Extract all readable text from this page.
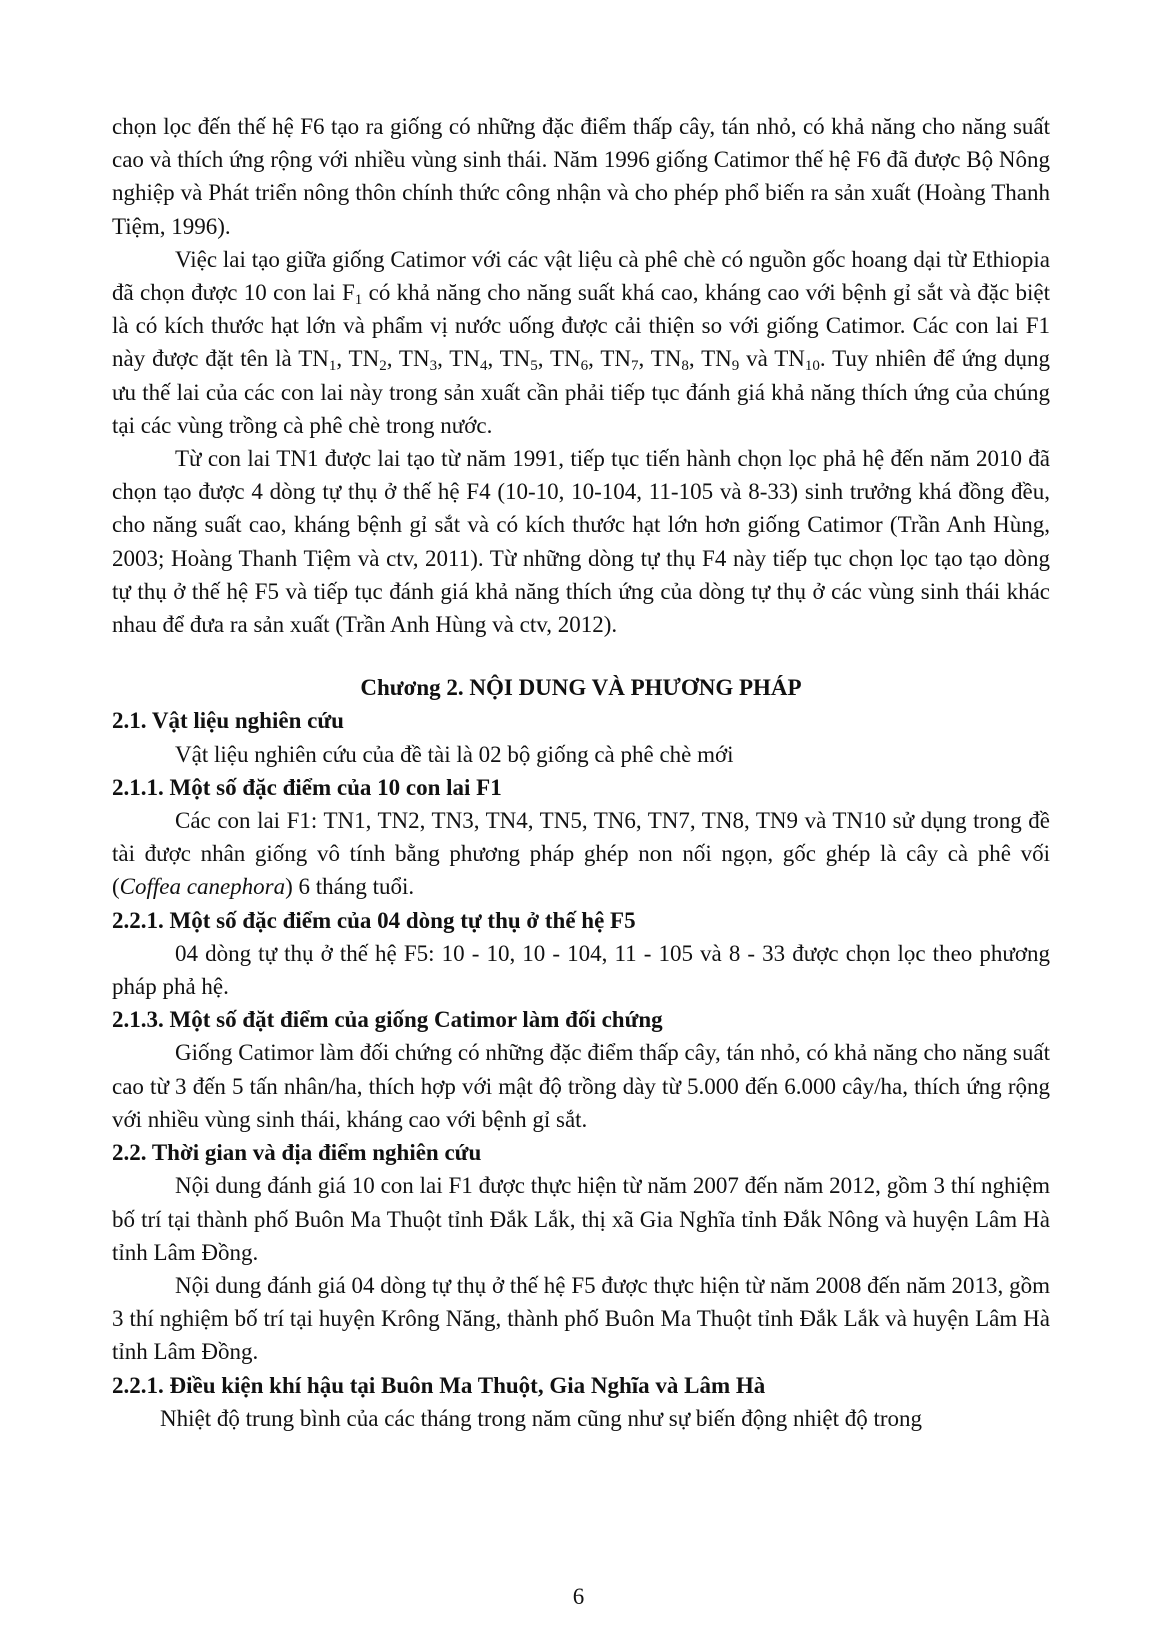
chọn lọc đến thế hệ F6 tạo ra giống có những đặc điểm thấp cây, tán nhỏ, có khả năng cho năng suất cao và thích ứng rộng với nhiều vùng sinh thái. Năm 1996 giống Catimor thế hệ F6 đã được Bộ Nông nghiệp và Phát triển nông thôn chính thức công nhận và cho phép phổ biến ra sản xuất (Hoàng Thanh Tiệm, 1996).

Việc lai tạo giữa giống Catimor với các vật liệu cà phê chè có nguồn gốc hoang dại từ Ethiopia đã chọn được 10 con lai $F_1$ có khả năng cho năng suất khá cao, kháng cao với bệnh gỉ sắt và đặc biệt là có kích thước hạt lớn và phẩm vị nước uống được cải thiện so với giống Catimor. Các con lai F1 này được đặt tên là $TN_1$, $TN_2$, $TN_3$, $TN_4$, $TN_5$, $TN_6$, $TN_7$, $TN_8$, $TN_9$ và $TN_{10}$. Tuy nhiên để ứng dụng ưu thế lai của các con lai này trong sản xuất cần phải tiếp tục đánh giá khả năng thích ứng của chúng tại các vùng trồng cà phê chè trong nước.

Từ con lai TN1 được lai tạo từ năm 1991, tiếp tục tiến hành chọn lọc phả hệ đến năm 2010 đã chọn tạo được 4 dòng tự thụ ở thế hệ F4 (10-10, 10-104, 11-105 và 8-33) sinh trưởng khá đồng đều, cho năng suất cao, kháng bệnh gỉ sắt và có kích thước hạt lớn hơn giống Catimor (Trần Anh Hùng, 2003; Hoàng Thanh Tiệm và ctv, 2011). Từ những dòng tự thụ F4 này tiếp tục chọn lọc tạo tạo dòng tự thụ ở thế hệ F5 và tiếp tục đánh giá khả năng thích ứng của dòng tự thụ ở các vùng sinh thái khác nhau để đưa ra sản xuất (Trần Anh Hùng và ctv, 2012).

Chương 2. NỘI DUNG VÀ PHƯƠNG PHÁP

2.1. Vật liệu nghiên cứu

Vật liệu nghiên cứu của đề tài là 02 bộ giống cà phê chè mới

2.1.1. Một số đặc điểm của 10 con lai F1

Các con lai F1: TN1, TN2, TN3, TN4, TN5, TN6, TN7, TN8, TN9 và TN10 sử dụng trong đề tài được nhân giống vô tính bằng phương pháp ghép non nối ngọn, gốc ghép là cây cà phê vối (Coffea canephora) 6 tháng tuổi.

2.2.1. Một số đặc điểm của 04 dòng tự thụ ở thế hệ F5

04 dòng tự thụ ở thế hệ F5: 10 - 10, 10 - 104, 11 - 105 và 8 - 33 được chọn lọc theo phương pháp phả hệ.

2.1.3. Một số đặt điểm của giống Catimor làm đối chứng

Giống Catimor làm đối chứng có những đặc điểm thấp cây, tán nhỏ, có khả năng cho năng suất cao từ 3 đến 5 tấn nhân/ha, thích hợp với mật độ trồng dày từ 5.000 đến 6.000 cây/ha, thích ứng rộng với nhiều vùng sinh thái, kháng cao với bệnh gỉ sắt.

2.2. Thời gian và địa điểm nghiên cứu

Nội dung đánh giá 10 con lai F1 được thực hiện từ năm 2007 đến năm 2012, gồm 3 thí nghiệm bố trí tại thành phố Buôn Ma Thuột tỉnh Đắk Lắk, thị xã Gia Nghĩa tỉnh Đắk Nông và huyện Lâm Hà tỉnh Lâm Đồng.

Nội dung đánh giá 04 dòng tự thụ ở thế hệ F5 được thực hiện từ năm 2008 đến năm 2013, gồm 3 thí nghiệm bố trí tại huyện Krông Năng, thành phố Buôn Ma Thuột tỉnh Đắk Lắk và huyện Lâm Hà tỉnh Lâm Đồng.

2.2.1. Điều kiện khí hậu tại Buôn Ma Thuột, Gia Nghĩa và Lâm Hà

Nhiệt độ trung bình của các tháng trong năm cũng như sự biến động nhiệt độ trong

6
